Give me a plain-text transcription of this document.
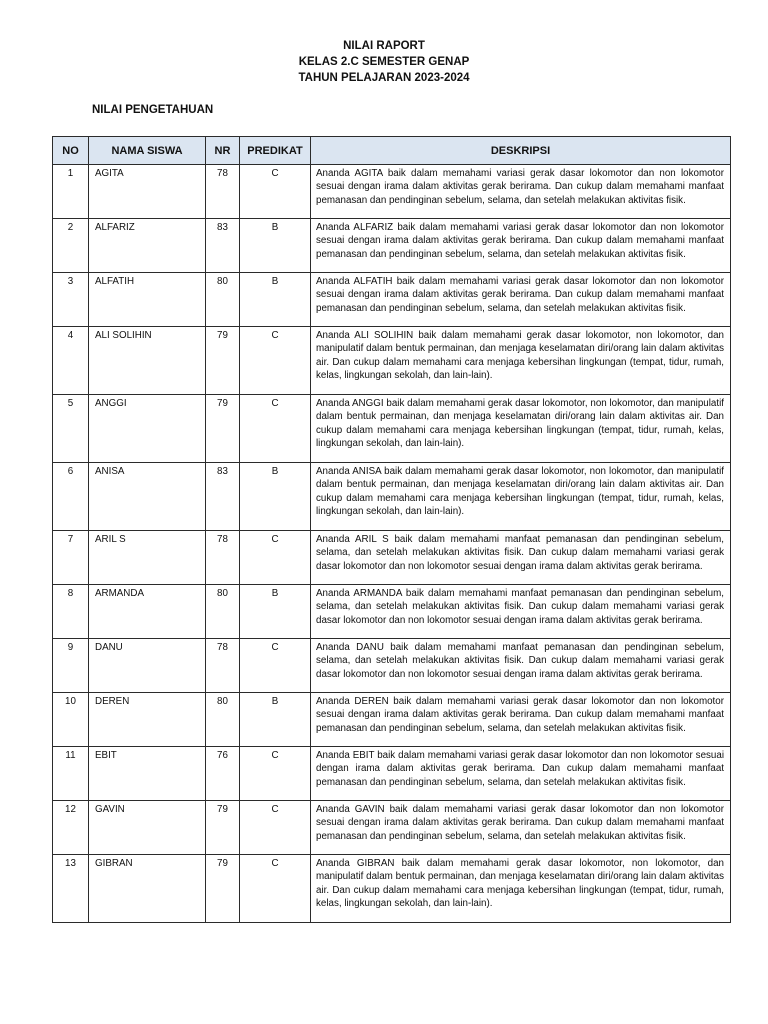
NILAI RAPORT
KELAS 2.C SEMESTER GENAP
TAHUN PELAJARAN 2023-2024
NILAI PENGETAHUAN
NO	NAMA SISWA	NR	PREDIKAT	DESKRIPSI
1	AGITA	78	C	Ananda AGITA baik dalam memahami variasi gerak dasar lokomotor dan non lokomotor sesuai dengan irama dalam aktivitas gerak berirama. Dan cukup dalam memahami manfaat pemanasan dan pendinginan sebelum, selama, dan setelah melakukan aktivitas fisik.
2	ALFARIZ	83	B	Ananda ALFARIZ baik dalam memahami variasi gerak dasar lokomotor dan non lokomotor sesuai dengan irama dalam aktivitas gerak berirama. Dan cukup dalam memahami manfaat pemanasan dan pendinginan sebelum, selama, dan setelah melakukan aktivitas fisik.
3	ALFATIH	80	B	Ananda ALFATIH baik dalam memahami variasi gerak dasar lokomotor dan non lokomotor sesuai dengan irama dalam aktivitas gerak berirama. Dan cukup dalam memahami manfaat pemanasan dan pendinginan sebelum, selama, dan setelah melakukan aktivitas fisik.
4	ALI SOLIHIN	79	C	Ananda ALI SOLIHIN baik dalam memahami gerak dasar lokomotor, non lokomotor, dan manipulatif dalam bentuk permainan, dan menjaga keselamatan diri/orang lain dalam aktivitas air. Dan cukup dalam memahami cara menjaga kebersihan lingkungan (tempat, tidur, rumah, kelas, lingkungan sekolah, dan lain-lain).
5	ANGGI	79	C	Ananda ANGGI baik dalam memahami gerak dasar lokomotor, non lokomotor, dan manipulatif dalam bentuk permainan, dan menjaga keselamatan diri/orang lain dalam aktivitas air. Dan cukup dalam memahami cara menjaga kebersihan lingkungan (tempat, tidur, rumah, kelas, lingkungan sekolah, dan lain-lain).
6	ANISA	83	B	Ananda ANISA baik dalam memahami gerak dasar lokomotor, non lokomotor, dan manipulatif dalam bentuk permainan, dan menjaga keselamatan diri/orang lain dalam aktivitas air. Dan cukup dalam memahami cara menjaga kebersihan lingkungan (tempat, tidur, rumah, kelas, lingkungan sekolah, dan lain-lain).
7	ARIL S	78	C	Ananda ARIL S baik dalam memahami manfaat pemanasan dan pendinginan sebelum, selama, dan setelah melakukan aktivitas fisik. Dan cukup dalam memahami variasi gerak dasar lokomotor dan non lokomotor sesuai dengan irama dalam aktivitas gerak berirama.
8	ARMANDA	80	B	Ananda ARMANDA baik dalam memahami manfaat pemanasan dan pendinginan sebelum, selama, dan setelah melakukan aktivitas fisik. Dan cukup dalam memahami variasi gerak dasar lokomotor dan non lokomotor sesuai dengan irama dalam aktivitas gerak berirama.
9	DANU	78	C	Ananda DANU baik dalam memahami manfaat pemanasan dan pendinginan sebelum, selama, dan setelah melakukan aktivitas fisik. Dan cukup dalam memahami variasi gerak dasar lokomotor dan non lokomotor sesuai dengan irama dalam aktivitas gerak berirama.
10	DEREN	80	B	Ananda DEREN baik dalam memahami variasi gerak dasar lokomotor dan non lokomotor sesuai dengan irama dalam aktivitas gerak berirama. Dan cukup dalam memahami manfaat pemanasan dan pendinginan sebelum, selama, dan setelah melakukan aktivitas fisik.
11	EBIT	76	C	Ananda EBIT baik dalam memahami variasi gerak dasar lokomotor dan non lokomotor sesuai dengan irama dalam aktivitas gerak berirama. Dan cukup dalam memahami manfaat pemanasan dan pendinginan sebelum, selama, dan setelah melakukan aktivitas fisik.
12	GAVIN	79	C	Ananda GAVIN baik dalam memahami variasi gerak dasar lokomotor dan non lokomotor sesuai dengan irama dalam aktivitas gerak berirama. Dan cukup dalam memahami manfaat pemanasan dan pendinginan sebelum, selama, dan setelah melakukan aktivitas fisik.
13	GIBRAN	79	C	Ananda GIBRAN baik dalam memahami gerak dasar lokomotor, non lokomotor, dan manipulatif dalam bentuk permainan, dan menjaga keselamatan diri/orang lain dalam aktivitas air. Dan cukup dalam memahami cara menjaga kebersihan lingkungan (tempat, tidur, rumah, kelas, lingkungan sekolah, dan lain-lain).
